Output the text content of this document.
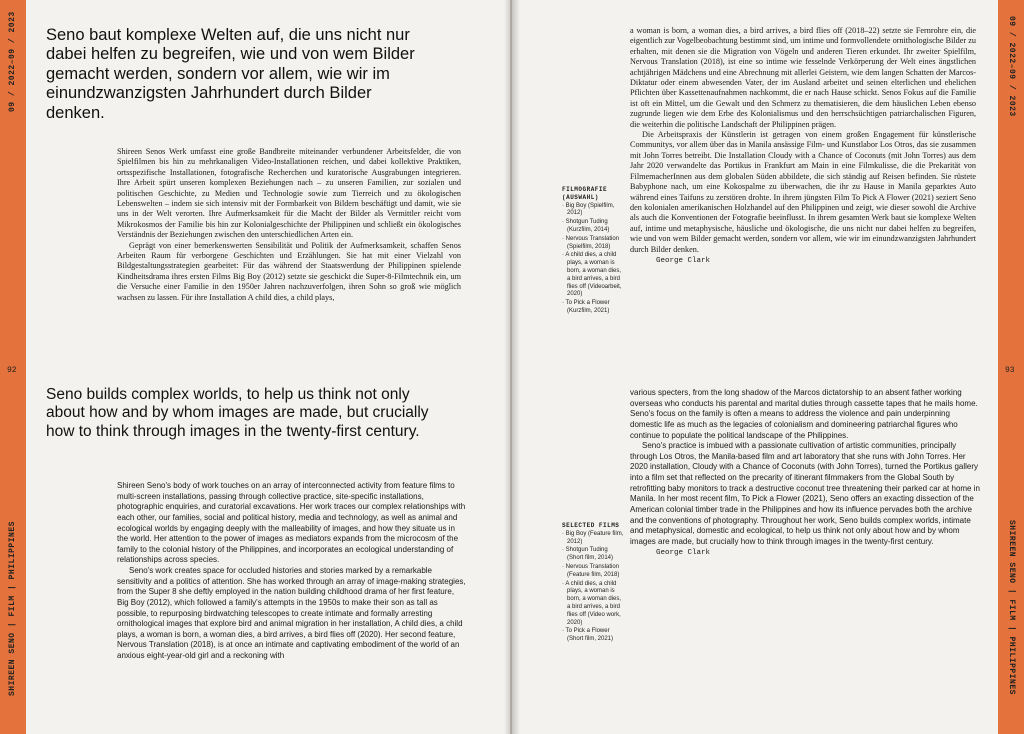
09 / 2022–09 / 2023
SHIREEN SENO | FILM | PHILIPPINES
92
Seno baut komplexe Welten auf, die uns nicht nur dabei helfen zu begreifen, wie und von wem Bilder gemacht werden, sondern vor allem, wie wir im einundzwanzigsten Jahrhundert durch Bilder denken.

Shireen Senos Werk umfasst eine große Bandbreite miteinander verbundener Arbeitsfelder, die von Spielfilmen bis hin zu mehrkanaligen Video-Installationen reichen, und dabei kollektive Praktiken, ortsspezifische Installationen, fotografische Recherchen und kuratorische Ausgrabungen integrieren. Ihre Arbeit spürt unseren komplexen Beziehungen nach – zu unseren Familien, zur sozialen und politischen Geschichte, zu Medien und Technologie sowie zum Tierreich und zu ökologischen Lebenswelten – indem sie sich intensiv mit der Formbarkeit von Bildern beschäftigt und damit, wie sie uns in der Welt verorten. Ihre Aufmerksamkeit für die Macht der Bilder als Vermittler reicht vom Mikrokosmos der Familie bis hin zur Kolonialgeschichte der Philippinen und schließt ein ökologisches Verständnis der Beziehungen zwischen den unterschiedlichen Arten ein.

Geprägt von einer bemerkenswerten Sensibilität und Politik der Aufmerksamkeit, schaffen Senos Arbeiten Raum für verborgene Geschichten und Erzählungen. Sie hat mit einer Vielzahl von Bildgestaltungsstrategien gearbeitet: Für das während der Staatswerdung der Philippinen spielende Kindheitsdrama ihres ersten Films Big Boy (2012) setzte sie geschickt die Super-8-Filmtechnik ein, um die Versuche einer Familie in den 1950er Jahren nachzuverfolgen, ihren Sohn so groß wie möglich wachsen zu lassen. Für ihre Installation A child dies, a child plays,

Seno builds complex worlds, to help us think not only about how and by whom images are made, but crucially how to think through images in the twenty-first century.

Shireen Seno's body of work touches on an array of interconnected activity from feature films to multi-screen installations, passing through collective practice, site-specific installations, photographic enquiries, and curatorial excavations. Her work traces our complex relationships with each other, our families, social and political history, media and technology, as well as animal and ecological worlds by engaging deeply with the malleability of images, and how they situate us in the world. Her attention to the power of images as mediators expands from the microcosm of the family to the colonial history of the Philippines, and incorporates an ecological understanding of relationships across species.

Seno's work creates space for occluded histories and stories marked by a remarkable sensitivity and a politics of attention. She has worked through an array of image-making strategies, from the Super 8 she deftly employed in the nation building childhood drama of her first feature, Big Boy (2012), which followed a family's attempts in the 1950s to make their son as tall as possible, to repurposing birdwatching telescopes to create intimate and formally arresting ornithological images that explore bird and animal migration in her installation, A child dies, a child plays, a woman is born, a woman dies, a bird arrives, a bird flies off (2020). Her second feature, Nervous Translation (2018), is at once an intimate and captivating embodiment of the world of an anxious eight-year-old girl and a reckoning with

09 / 2022–09 / 2023
SHIREEN SENO | FILM | PHILIPPINES
93
FILMOGRAFIE (AUSWAHL)
· Big Boy (Spielfilm, 2012)
· Shotgun Tuding (Kurzfilm, 2014)
· Nervous Translation (Spielfilm, 2018)
· A child dies, a child plays, a woman is born, a woman dies, a bird arrives, a bird flies off (Videoarbeit, 2020)
· To Pick a Flower (Kurzfilm, 2021)

a woman is born, a woman dies, a bird arrives, a bird flies off (2018–22) setzte sie Fernrohre ein, die eigentlich zur Vogelbeobachtung bestimmt sind, um intime und formvollendete ornithologische Bilder zu erhalten, mit denen sie die Migration von Vögeln und anderen Tieren erkundet. Ihr zweiter Spielfilm, Nervous Translation (2018), ist eine so intime wie fesselnde Verkörperung der Welt eines ängstlichen achtjährigen Mädchens und eine Abrechnung mit allerlei Geistern, wie dem langen Schatten der Marcos-Diktatur oder einem abwesenden Vater, der im Ausland arbeitet und seinen elterlichen und ehelichen Pflichten über Kassettenaufnahmen nachkommt, die er nach Hause schickt. Senos Fokus auf die Familie ist oft ein Mittel, um die Gewalt und den Schmerz zu thematisieren, die dem häuslichen Leben ebenso zugrunde liegen wie dem Erbe des Kolonialismus und den herrschsüchtigen patriarchalischen Figuren, die weiterhin die politische Landschaft der Philippinen prägen.

Die Arbeitspraxis der Künstlerin ist getragen von einem großen Engagement für künstlerische Communitys, vor allem über das in Manila ansässige Film- und Kunstlabor Los Otros, das sie zusammen mit John Torres betreibt. Die Installation Cloudy with a Chance of Coconuts (mit John Torres) aus dem Jahr 2020 verwandelte das Portikus in Frankfurt am Main in eine Filmkulisse, die die Prekarität von FilmemacherInnen aus dem globalen Süden abbildete, die sich ständig auf Reisen befinden. Sie rüstete Babyphone nach, um eine Kokospalme zu überwachen, die ihr zu Hause in Manila geparktes Auto während eines Taifuns zu zerstören drohte. In ihrem jüngsten Film To Pick A Flower (2021) seziert Seno den kolonialen amerikanischen Holzhandel auf den Philippinen und zeigt, wie dieser sowohl die Archive als auch die Konventionen der Fotografie beeinflusst. In ihrem gesamten Werk baut sie komplexe Welten auf, intime und metaphysische, häusliche und ökologische, die uns nicht nur dabei helfen zu begreifen, wie und von wem Bilder gemacht werden, sondern vor allem, wie wir im einundzwanzigsten Jahrhundert durch Bilder denken.

George Clark
SELECTED FILMS
· Big Boy (Feature film, 2012)
· Shotgun Tuding (Short film, 2014)
· Nervous Translation (Feature film, 2018)
· A child dies, a child plays, a woman is born, a woman dies, a bird arrives, a bird flies off (Video work, 2020)
· To Pick a Flower (Short film, 2021)

various specters, from the long shadow of the Marcos dictatorship to an absent father working overseas who conducts his parental and marital duties through cassette tapes that he mails home. Seno's focus on the family is often a means to address the violence and pain underpinning domestic life as much as the legacies of colonialism and domineering patriarchal figures who continue to populate the political landscape of the Philippines.

Seno's practice is imbued with a passionate cultivation of artistic communities, principally through Los Otros, the Manila-based film and art laboratory that she runs with John Torres. Her 2020 installation, Cloudy with a Chance of Coconuts (with John Torres), turned the Portikus gallery into a film set that reflected on the precarity of itinerant filmmakers from the Global South by retrofitting baby monitors to track a destructive coconut tree threatening their parked car at home in Manila. In her most recent film, To Pick a Flower (2021), Seno offers an exacting dissection of the American colonial timber trade in the Philippines and how its influence pervades both the archive and the conventions of photography. Throughout her work, Seno builds complex worlds, intimate and metaphysical, domestic and ecological, to help us think not only about how and by whom images are made, but crucially how to think through images in the twenty-first century.

George Clark
